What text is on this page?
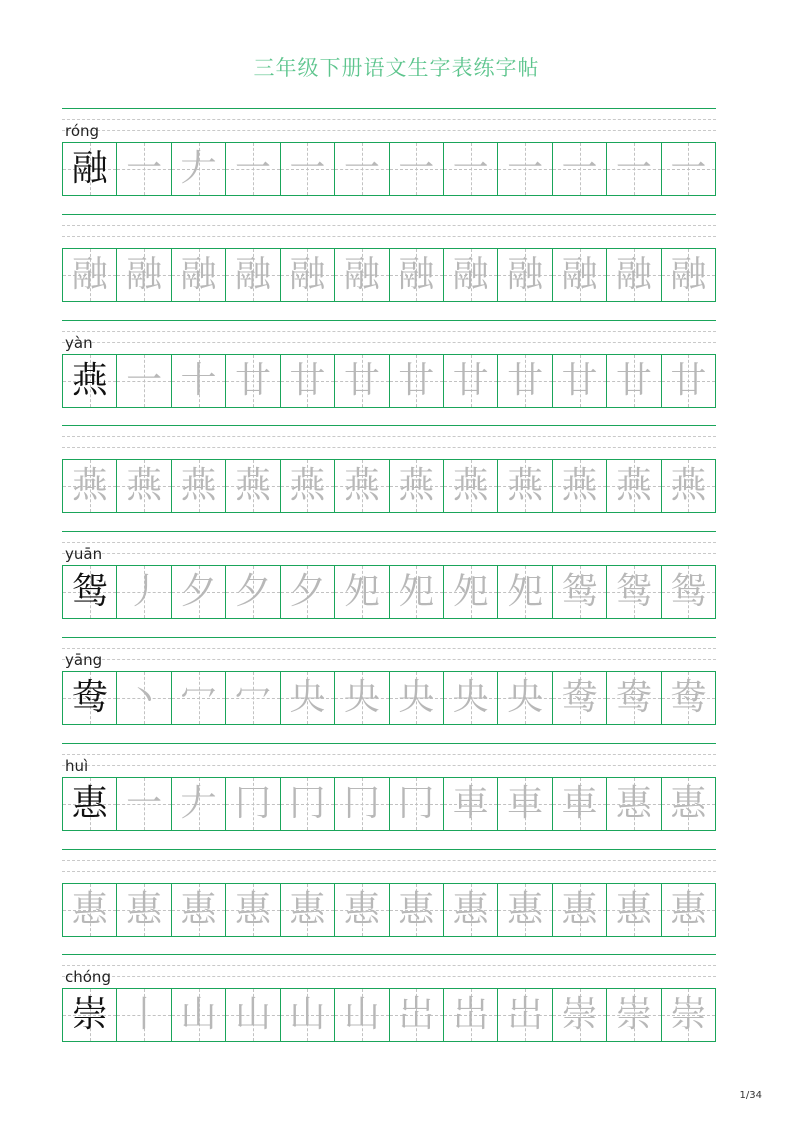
三年级下册语文生字表练字帖
róng
融 一 𠂇 一 一 一 一 一 一 一 一 一
融 融 融 融 融 融 融 融 融 融 融 融
yàn
燕 一 十 廿 廿 廿 廿 廿 廿 廿 廿 廿
燕 燕 燕 燕 燕 燕 燕 燕 燕 燕 燕 燕
yuān
鸳 丿 夕 夕 夕 夗 夗 夗 夗 鸳 鸳 鸳
yāng
鸯 丶 冖 冖 央 央 央 央 央 鸯 鸯 鸯
huì
惠 一 𠂇 冂 冂 冂 冂 車 車 車 惠 惠
惠 惠 惠 惠 惠 惠 惠 惠 惠 惠 惠 惠
chóng
崇 丨 山 山 山 山 岀 岀 岀 崇 崇 崇
1/34
